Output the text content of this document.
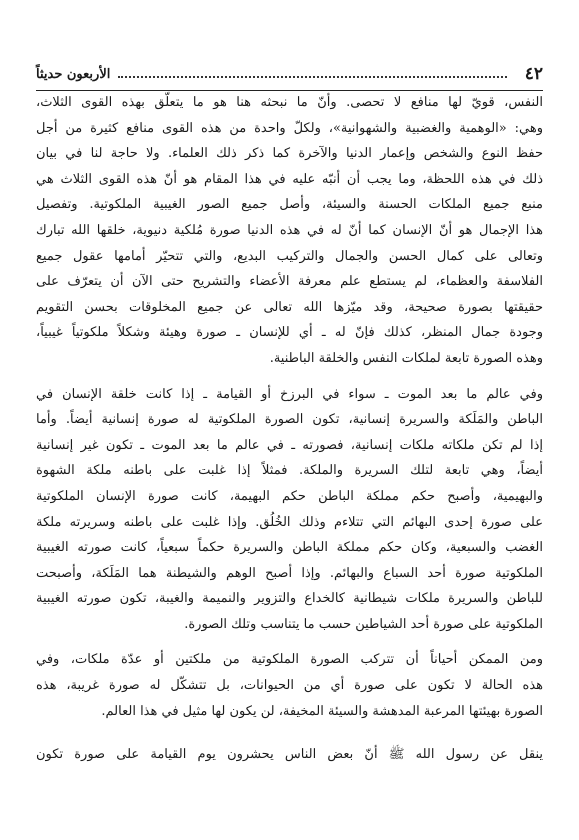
٤٢
الأربعون حديثاً

النفس، قويّ لها منافع لا تحصى. وأنّ ما نبحثه هنا هو ما يتعلّق بهذه القوى الثلاث،
وهي: «الوهمية والغضبية والشهوانية»، ولكلّ واحدة من هذه القوى منافع كثيرة من أجل
حفظ النوع والشخص وإعمار الدنيا والآخرة كما ذكر ذلك العلماء. ولا حاجة لنا في بيان
ذلك في هذه اللحظة، وما يجب أن أنبّه عليه في هذا المقام هو أنّ هذه القوى الثلاث هي
منبع جميع الملكات الحسنة والسيئة، وأصل جميع الصور الغيبية الملكوتية. وتفصيل
هذا الإجمال هو أنّ الإنسان كما أنّ له في هذه الدنيا صورة مُلكية دنيوية، خلقها الله تبارك
وتعالى على كمال الحسن والجمال والتركيب البديع، والتي تتحيّر أمامها عقول جميع
الفلاسفة والعظماء، لم يستطع علم معرفة الأعضاء والتشريح حتى الآن أن يتعرّف على
حقيقتها بصورة صحيحة، وقد ميّزها الله تعالى عن جميع المخلوقات بحسن التقويم
وجودة جمال المنظر، كذلك فإنّ له ـ أي للإنسان ـ صورة وهيئة وشكلاً ملكوتياً غيبياً،
وهذه الصورة تابعة لملكات النفس والخلقة الباطنية.

وفي عالم ما بعد الموت ـ سواء في البرزخ أو القيامة ـ إذا كانت خلقة الإنسان في
الباطن والمَلَكة والسريرة إنسانية، تكون الصورة الملكوتية له صورة إنسانية أيضاً. وأما
إذا لم تكن ملكاته ملكات إنسانية، فصورته ـ في عالم ما بعد الموت ـ تكون غير إنسانية
أيضاً، وهي تابعة لتلك السريرة والملكة. فمثلاً إذا غلبت على باطنه ملكة الشهوة
والبهيمية، وأصبح حكم مملكة الباطن حكم البهيمة، كانت صورة الإنسان الملكوتية
على صورة إحدى البهائم التي تتلاءم وذلك الخُلُق. وإذا غلبت على باطنه وسريرته ملكة
الغضب والسبعية، وكان حكم مملكة الباطن والسريرة حكماً سبعياً، كانت صورته الغيبية
الملكوتية صورة أحد السباع والبهائم. وإذا أصبح الوهم والشيطنة هما المَلَكة، وأصبحت
للباطن والسريرة ملكات شيطانية كالخداع والتزوير والنميمة والغيبة، تكون صورته الغيبية
الملكوتية على صورة أحد الشياطين حسب ما يتناسب وتلك الصورة.

ومن الممكن أحياناً أن تتركب الصورة الملكوتية من ملكتين أو عدّة ملكات، وفي
هذه الحالة لا تكون على صورة أي من الحيوانات، بل تتشكّل له صورة غريبة، هذه
الصورة بهيئتها المرعبة المدهشة والسيئة المخيفة، لن يكون لها مثيل في هذا العالم.

ينقل عن رسول الله ﷺ أنّ بعض الناس يحشرون يوم القيامة على صورة تكون
